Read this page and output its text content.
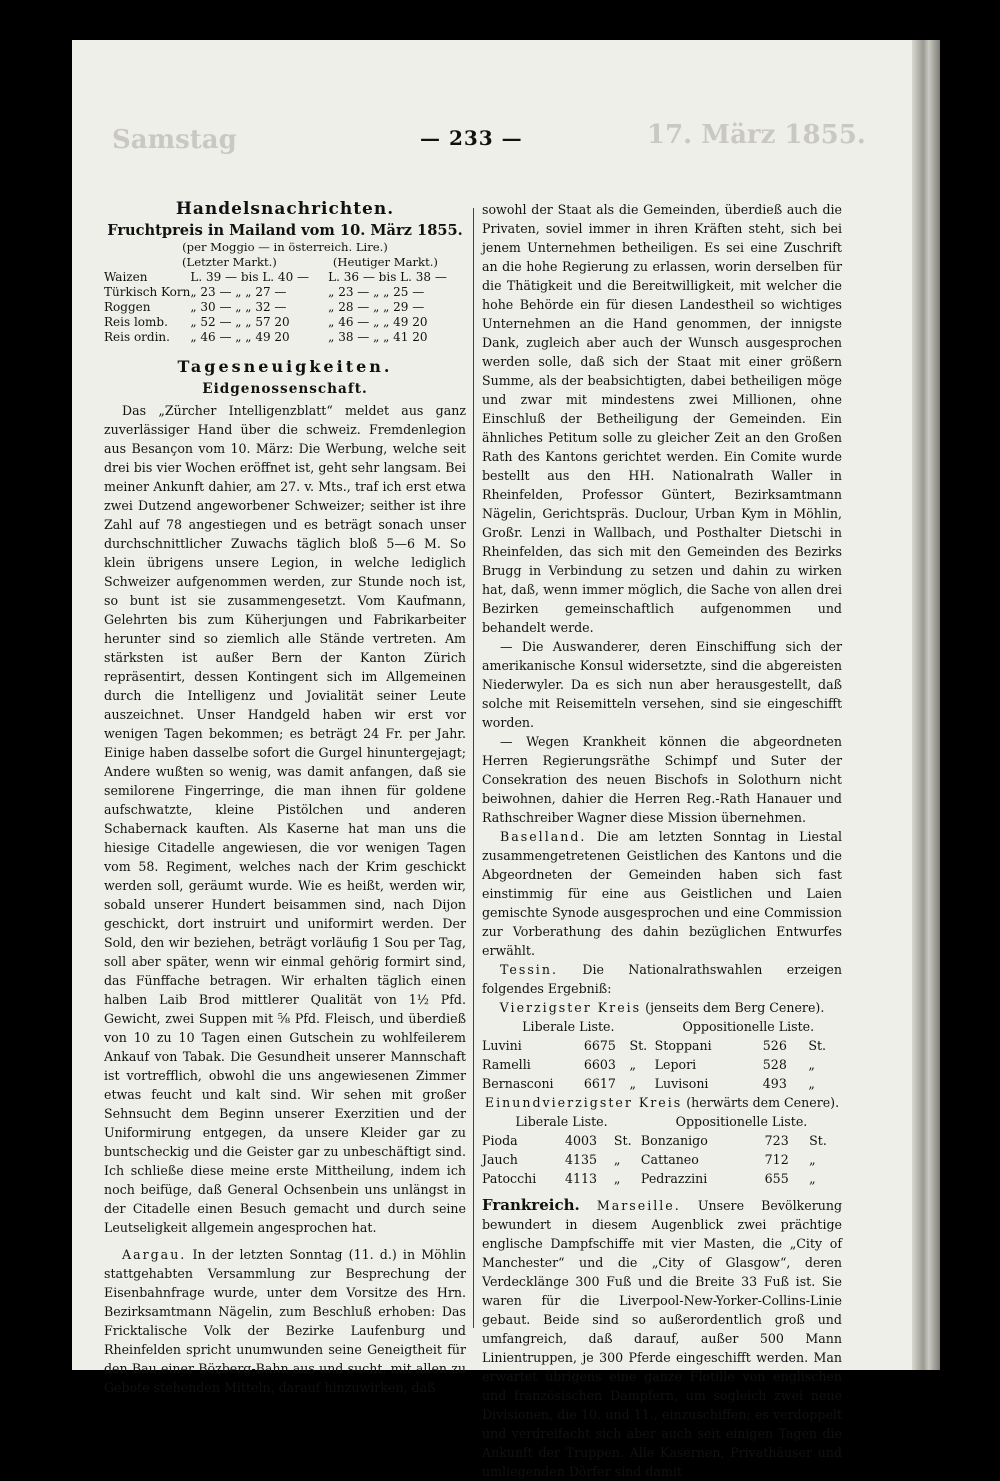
Samstag	17. März 1855.
— 233 —
Handelsnachrichten.
Fruchtpreis in Mailand vom 10. März 1855.
(per Moggio — in österreich. Lire.)
(Letzter Markt.)	(Heutiger Markt.)
Waizen	L. 39 — bis L. 40 —	L. 36 — bis L. 38 —
Türkisch Korn	„ 23 — „ „ 27 —	„ 23 — „ „ 25 —
Roggen	„ 30 — „ „ 32 —	„ 28 — „ „ 29 —
Reis lomb.	„ 52 — „ „ 57 20	„ 46 — „ „ 49 20
Reis ordin.	„ 46 — „ „ 49 20	„ 38 — „ „ 41 20
Tagesneuigkeiten.
Eidgenossenschaft.

Das „Zürcher Intelligenzblatt“ meldet aus ganz zuverlässiger Hand über die schweiz. Fremdenlegion aus Besançon vom 10. März: Die Werbung, welche seit drei bis vier Wochen eröffnet ist, geht sehr langsam. Bei meiner Ankunft dahier, am 27. v. Mts., traf ich erst etwa zwei Dutzend angeworbener Schweizer; seither ist ihre Zahl auf 78 angestiegen und es beträgt sonach unser durchschnittlicher Zuwachs täglich bloß 5—6 M. So klein übrigens unsere Legion, in welche lediglich Schweizer aufgenommen werden, zur Stunde noch ist, so bunt ist sie zusammengesetzt. Vom Kaufmann, Gelehrten bis zum Küherjungen und Fabrikarbeiter herunter sind so ziemlich alle Stände vertreten. Am stärksten ist außer Bern der Kanton Zürich repräsentirt, dessen Kontingent sich im Allgemeinen durch die Intelligenz und Jovialität seiner Leute auszeichnet. Unser Handgeld haben wir erst vor wenigen Tagen bekommen; es beträgt 24 Fr. per Jahr. Einige haben dasselbe sofort die Gurgel hinuntergejagt; Andere wußten so wenig, was damit anfangen, daß sie semilorene Fingerringe, die man ihnen für goldene aufschwatzte, kleine Pistölchen und anderen Schabernack kauften. Als Kaserne hat man uns die hiesige Citadelle angewiesen, die vor wenigen Tagen vom 58. Regiment, welches nach der Krim geschickt werden soll, geräumt wurde. Wie es heißt, werden wir, sobald unserer Hundert beisammen sind, nach Dijon geschickt, dort instruirt und uniformirt werden. Der Sold, den wir beziehen, beträgt vorläufig 1 Sou per Tag, soll aber später, wenn wir einmal gehörig formirt sind, das Fünffache betragen. Wir erhalten täglich einen halben Laib Brod mittlerer Qualität von 1½ Pfd. Gewicht, zwei Suppen mit ⅝ Pfd. Fleisch, und überdieß von 10 zu 10 Tagen einen Gutschein zu wohlfeilerem Ankauf von Tabak. Die Gesundheit unserer Mannschaft ist vortrefflich, obwohl die uns angewiesenen Zimmer etwas feucht und kalt sind. Wir sehen mit großer Sehnsucht dem Beginn unserer Exerzitien und der Uniformirung entgegen, da unsere Kleider gar zu buntscheckig und die Geister gar zu unbeschäftigt sind. Ich schließe diese meine erste Mittheilung, indem ich noch beifüge, daß General Ochsenbein uns unlängst in der Citadelle einen Besuch gemacht und durch seine Leutseligkeit allgemein angesprochen hat.

Aargau. In der letzten Sonntag (11. d.) in Möhlin stattgehabten Versammlung zur Besprechung der Eisenbahnfrage wurde, unter dem Vorsitze des Hrn. Bezirksamtmann Nägelin, zum Beschluß erhoben: Das Fricktalische Volk der Bezirke Laufenburg und Rheinfelden spricht unumwunden seine Geneigtheit für den Bau einer Bözberg-Bahn aus und sucht, mit allen zu Gebote stehenden Mitteln, darauf hinzuwirken, daß

sowohl der Staat als die Gemeinden, überdieß auch die Privaten, soviel immer in ihren Kräften steht, sich bei jenem Unternehmen betheiligen. Es sei eine Zuschrift an die hohe Regierung zu erlassen, worin derselben für die Thätigkeit und die Bereitwilligkeit, mit welcher die hohe Behörde ein für diesen Landestheil so wichtiges Unternehmen an die Hand genommen, der innigste Dank, zugleich aber auch der Wunsch ausgesprochen werden solle, daß sich der Staat mit einer größern Summe, als der beabsichtigten, dabei betheiligen möge und zwar mit mindestens zwei Millionen, ohne Einschluß der Betheiligung der Gemeinden. Ein ähnliches Petitum solle zu gleicher Zeit an den Großen Rath des Kantons gerichtet werden. Ein Comite wurde bestellt aus den HH. Nationalrath Waller in Rheinfelden, Professor Güntert, Bezirksamtmann Nägelin, Gerichtspräs. Duclour, Urban Kym in Möhlin, Großr. Lenzi in Wallbach, und Posthalter Dietschi in Rheinfelden, das sich mit den Gemeinden des Bezirks Brugg in Verbindung zu setzen und dahin zu wirken hat, daß, wenn immer möglich, die Sache von allen drei Bezirken gemeinschaftlich aufgenommen und behandelt werde.

— Die Auswanderer, deren Einschiffung sich der amerikanische Konsul widersetzte, sind die abgereisten Niederwyler. Da es sich nun aber herausgestellt, daß solche mit Reisemitteln versehen, sind sie eingeschifft worden.

— Wegen Krankheit können die abgeordneten Herren Regierungsräthe Schimpf und Suter der Consekration des neuen Bischofs in Solothurn nicht beiwohnen, dahier die Herren Reg.-Rath Hanauer und Rathschreiber Wagner diese Mission übernehmen.

Baselland. Die am letzten Sonntag in Liestal zusammengetretenen Geistlichen des Kantons und die Abgeordneten der Gemeinden haben sich fast einstimmig für eine aus Geistlichen und Laien gemischte Synode ausgesprochen und eine Commission zur Vorberathung des dahin bezüglichen Entwurfes erwählt.

Tessin. Die Nationalrathswahlen erzeigen folgendes Ergebniß:

Vierzigster Kreis (jenseits dem Berg Cenere).
Liberale Liste.			Oppositionelle Liste.		
Luvini	6675	St.	Stoppani	526	St.
Ramelli	6603	„	Lepori	528	„
Bernasconi	6617	„	Luvisoni	493	„
Einundvierzigster Kreis (herwärts dem Cenere).
Liberale Liste.			Oppositionelle Liste.		
Pioda	4003	St.	Bonzanigo	723	St.
Jauch	4135	„	Cattaneo	712	„
Patocchi	4113	„	Pedrazzini	655	„

Frankreich. Marseille. Unsere Bevölkerung bewundert in diesem Augenblick zwei prächtige englische Dampfschiffe mit vier Masten, die „City of Manchester“ und die „City of Glasgow“, deren Verdecklänge 300 Fuß und die Breite 33 Fuß ist. Sie waren für die Liverpool-New-Yorker-Collins-Linie gebaut. Beide sind so außerordentlich groß und umfangreich, daß darauf, außer 500 Mann Linientruppen, je 300 Pferde eingeschifft werden. Man erwartet übrigens eine ganze Flotille von englischen und französischen Dampfern, um sogleich zwei neue Divisionen, die 10. und 11., einzuschiffen; es verdoppelt und verdreifacht sich aber auch seit einigen Tagen die Ankunft der Truppen. Alle Kasernen, Privathäuser und umliegenden Dörfer sind damit
